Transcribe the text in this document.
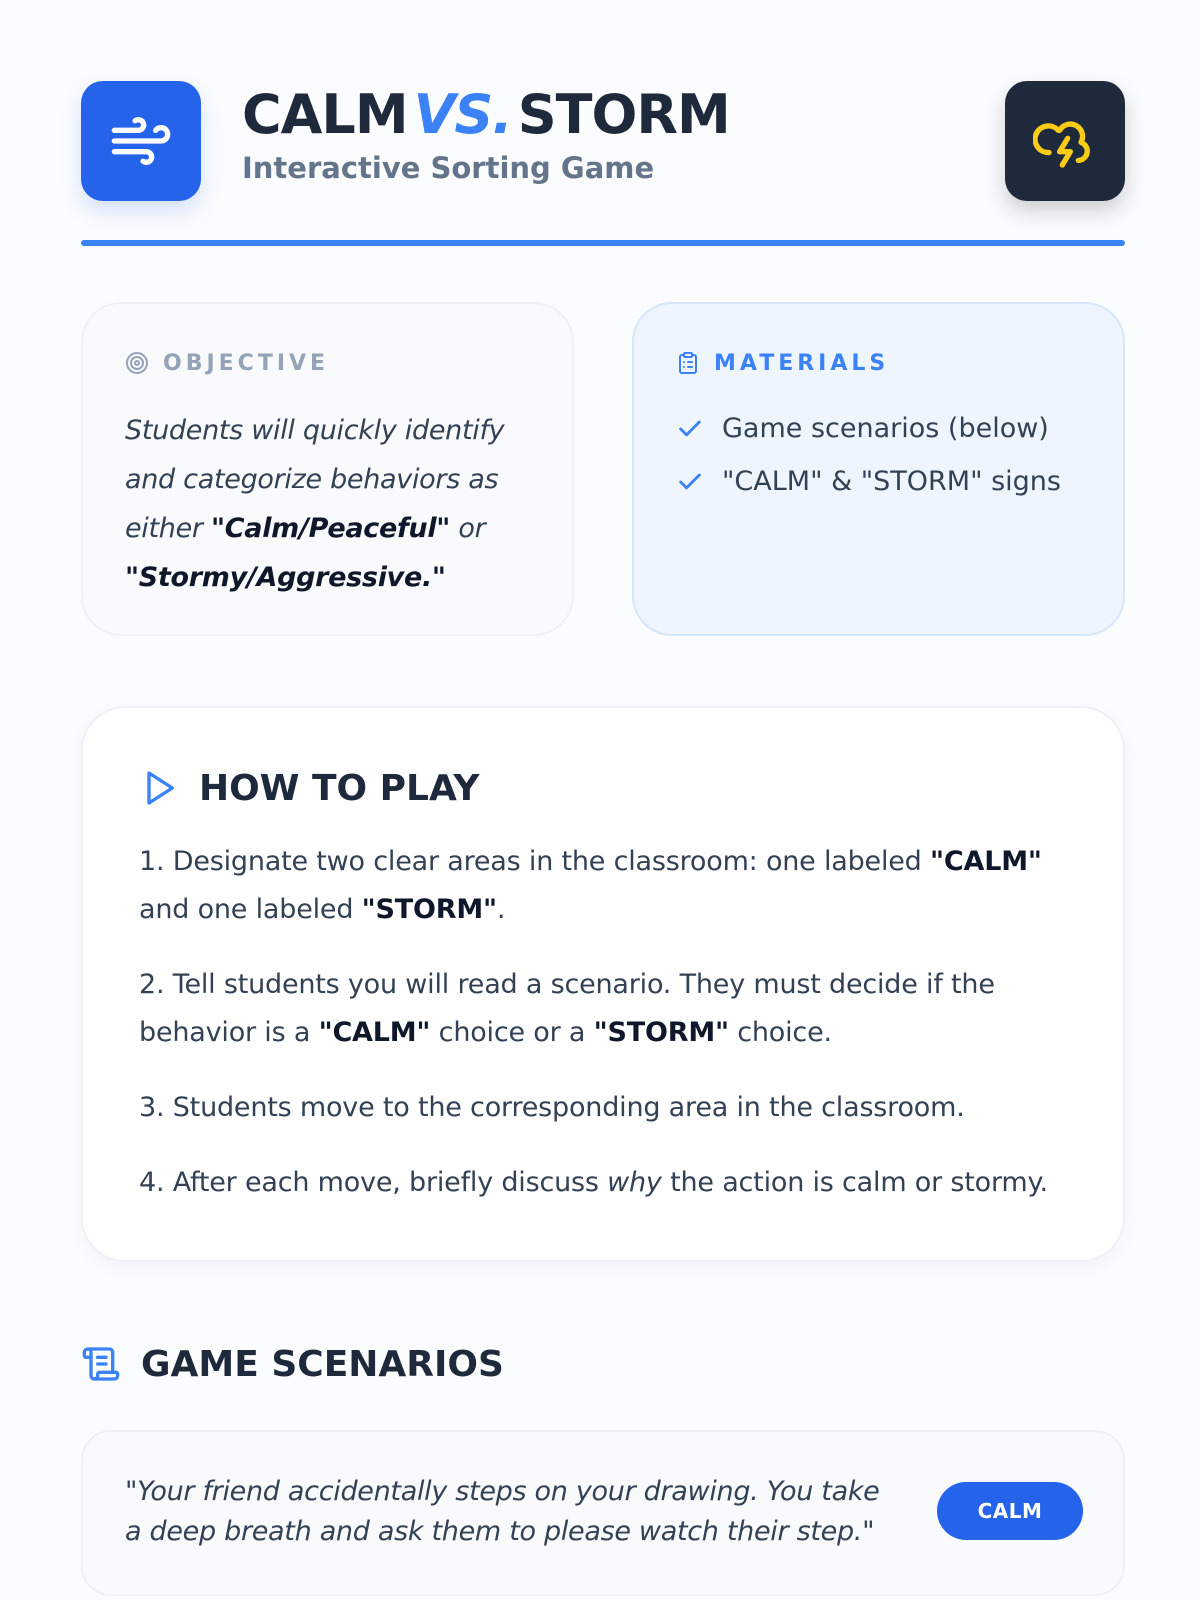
CALM VS. STORM
Interactive Sorting Game
OBJECTIVE

Students will quickly identify and categorize behaviors as either "Calm/Peaceful" or "Stormy/Aggressive."

MATERIALS
Game scenarios (below)
"CALM" & "STORM" signs
HOW TO PLAY

1. Designate two clear areas in the classroom: one labeled "CALM" and one labeled "STORM".

2. Tell students you will read a scenario. They must decide if the behavior is a "CALM" choice or a "STORM" choice.

3. Students move to the corresponding area in the classroom.

4. After each move, briefly discuss why the action is calm or stormy.

GAME SCENARIOS

"Your friend accidentally steps on your drawing. You take a deep breath and ask them to please watch their step."

CALM
